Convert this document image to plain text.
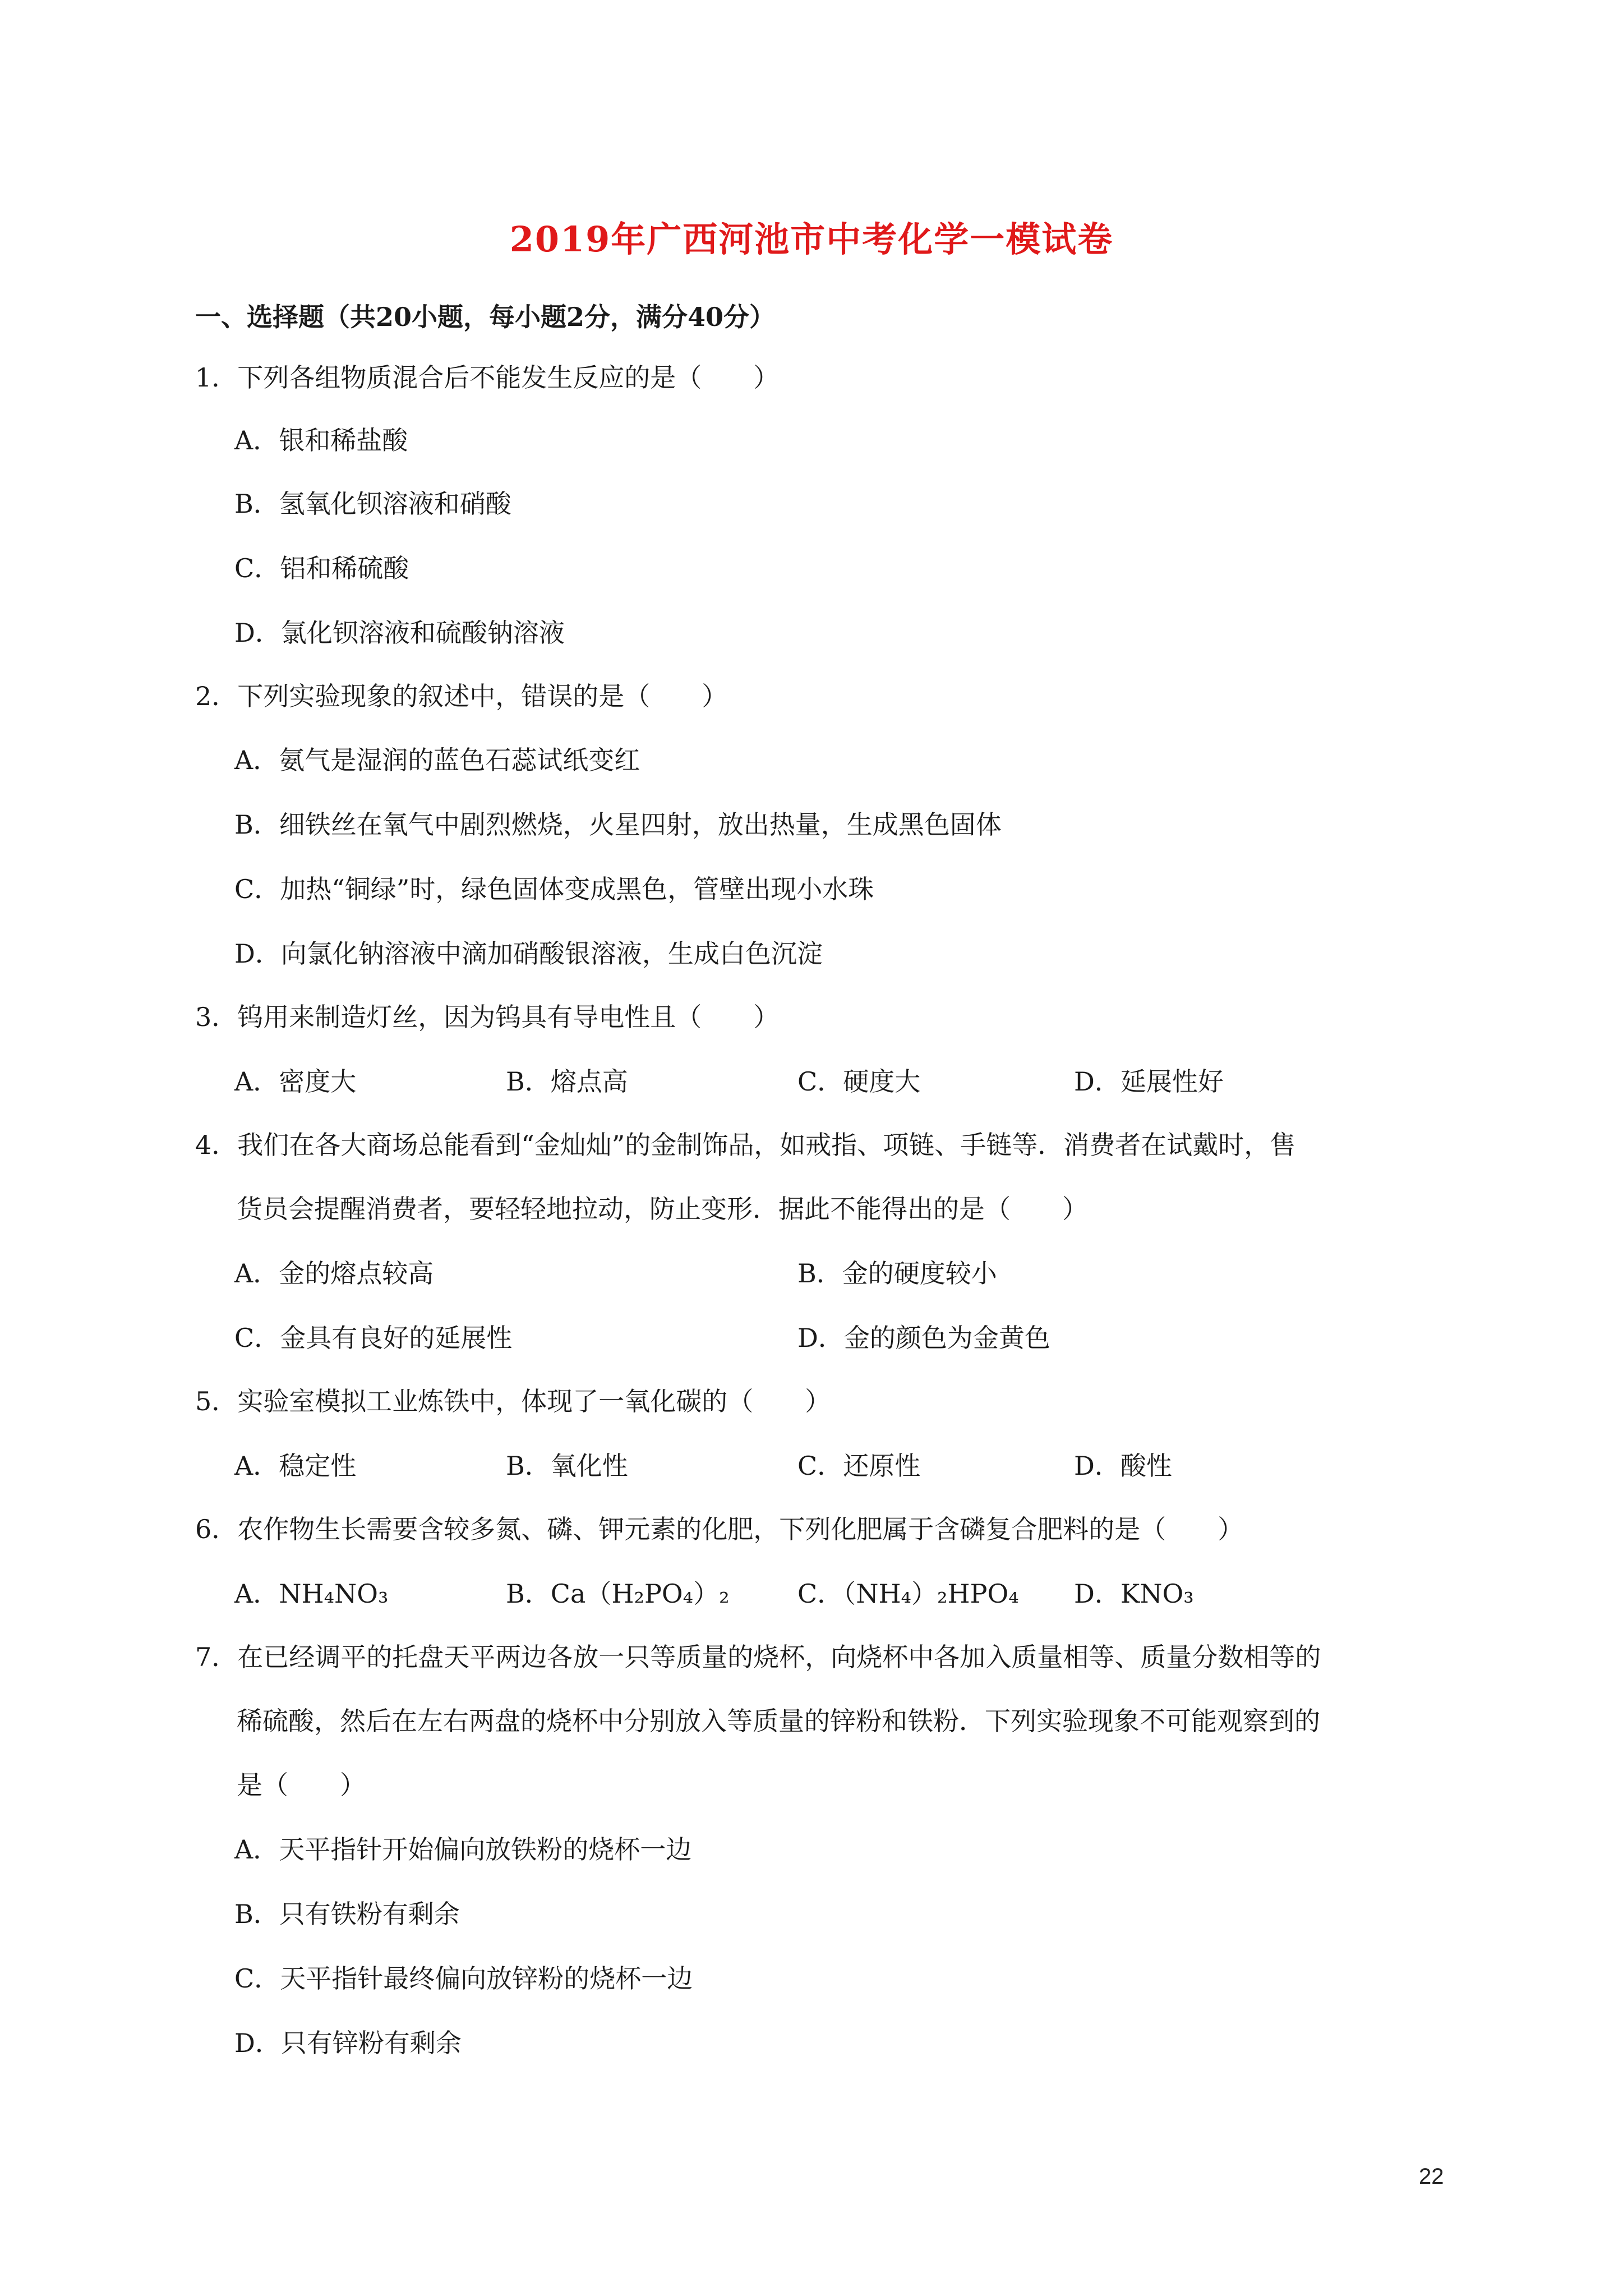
2019年广西河池市中考化学一模试卷
一、选择题（共20小题，每小题2分，满分40分）
1．下列各组物质混合后不能发生反应的是（　　）
A．银和稀盐酸
B．氢氧化钡溶液和硝酸
C．铝和稀硫酸
D．氯化钡溶液和硫酸钠溶液
2．下列实验现象的叙述中，错误的是（　　）
A．氨气是湿润的蓝色石蕊试纸变红
B．细铁丝在氧气中剧烈燃烧，火星四射，放出热量，生成黑色固体
C．加热“铜绿”时，绿色固体变成黑色，管壁出现小水珠
D．向氯化钠溶液中滴加硝酸银溶液，生成白色沉淀
3．钨用来制造灯丝，因为钨具有导电性且（　　）
A．密度大	B．熔点高	C．硬度大	D．延展性好
4．我们在各大商场总能看到“金灿灿”的金制饰品，如戒指、项链、手链等．消费者在试戴时，售
货员会提醒消费者，要轻轻地拉动，防止变形．据此不能得出的是（　　）
A．金的熔点较高	B．金的硬度较小
C．金具有良好的延展性	D．金的颜色为金黄色
5．实验室模拟工业炼铁中，体现了一氧化碳的（　　）
A．稳定性	B．氧化性	C．还原性	D．酸性
6．农作物生长需要含较多氮、磷、钾元素的化肥，下列化肥属于含磷复合肥料的是（　　）
A．NH₄NO₃	B．Ca（H₂PO₄）₂	C．（NH₄）₂HPO₄ D．KNO₃
7．在已经调平的托盘天平两边各放一只等质量的烧杯，向烧杯中各加入质量相等、质量分数相等的
稀硫酸，然后在左右两盘的烧杯中分别放入等质量的锌粉和铁粉．下列实验现象不可能观察到的
是（　　）
A．天平指针开始偏向放铁粉的烧杯一边
B．只有铁粉有剩余
C．天平指针最终偏向放锌粉的烧杯一边
D．只有锌粉有剩余
22
